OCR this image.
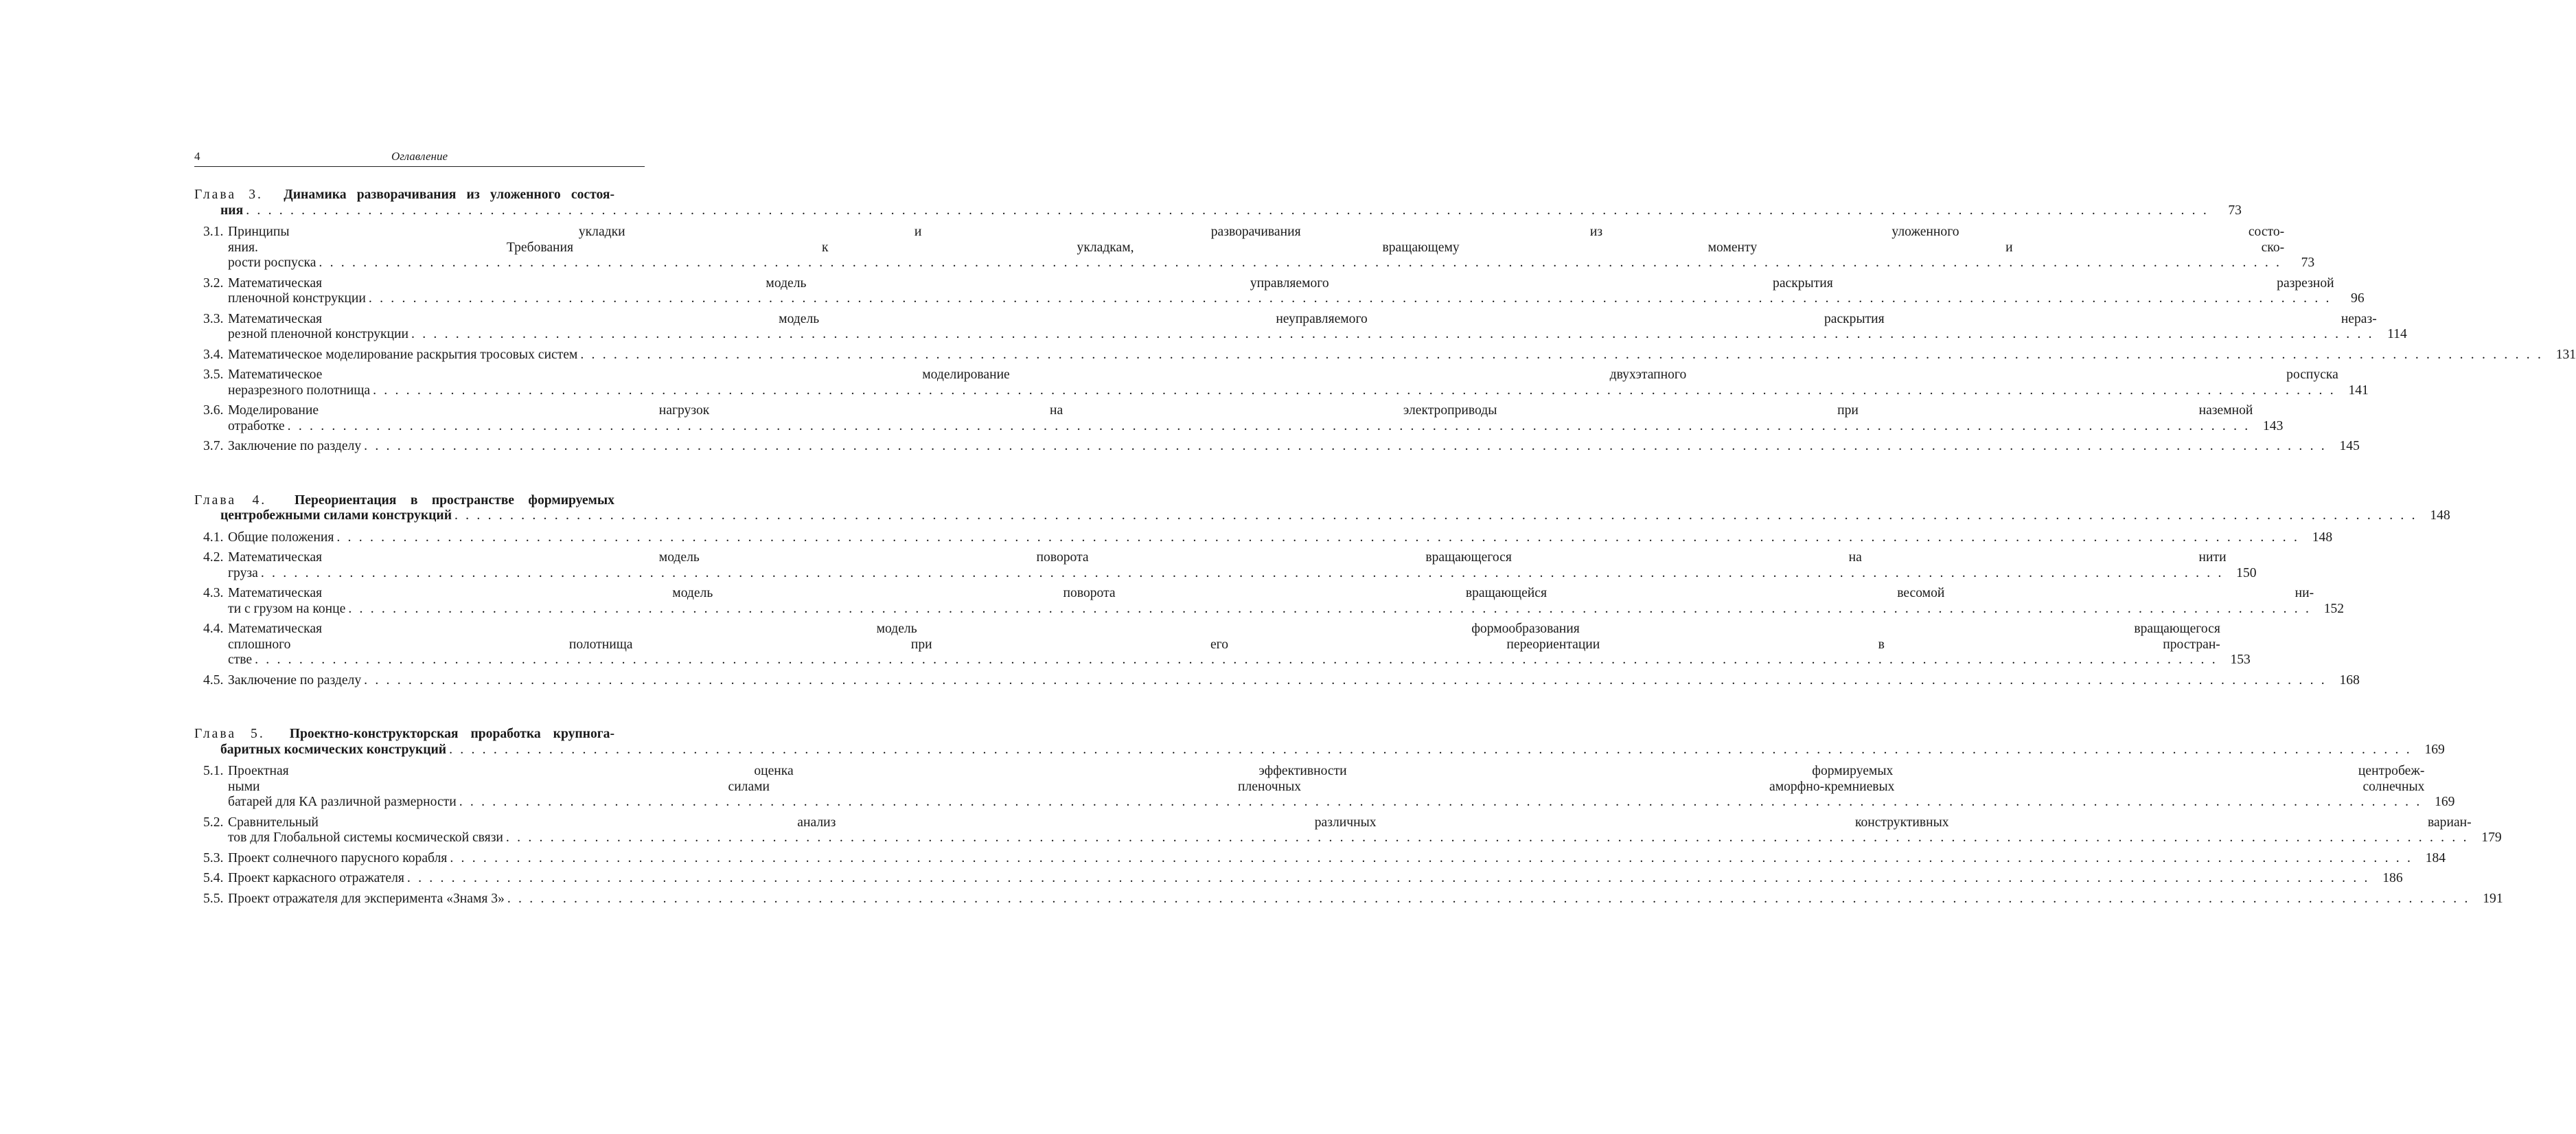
4	Оглавление
Глава 3. Динамика разворачивания из уложенного состоя-
ния . . .	73
3.1. Принципы укладки и разворачивания из уложенного состо-
яния. Требования к укладкам, вращающему моменту и ско-
рости роспуска . . .	73
3.2. Математическая модель управляемого раскрытия разрезной
пленочной конструкции . . .	96
3.3. Математическая модель неуправляемого раскрытия нераз-
резной пленочной конструкции . . .	114
3.4. Математическое моделирование раскрытия тросовых систем . . .	131
3.5. Математическое моделирование двухэтапного роспуска
неразрезного полотнища . . .	141
3.6. Моделирование нагрузок на электроприводы при наземной
отработке . . .	143
3.7. Заключение по разделу . . .	145
Глава 4. Переориентация в пространстве формируемых
центробежными силами конструкций . . .	148
4.1. Общие положения . . .	148
4.2. Математическая модель поворота вращающегося на нити
груза . . .	150
4.3. Математическая модель поворота вращающейся весомой ни-
ти с грузом на конце . . .	152
4.4. Математическая модель формообразования вращающегося
сплошного полотнища при его переориентации в простран-
стве . . .	153
4.5. Заключение по разделу . . .	168
Глава 5. Проектно-конструкторская проработка крупнога-
баритных космических конструкций . . .	169
5.1. Проектная оценка эффективности формируемых центробеж-
ными силами пленочных аморфно-кремниевых солнечных
батарей для КА различной размерности . . .	169
5.2. Сравнительный анализ различных конструктивных вариан-
тов для Глобальной системы космической связи . . .	179
5.3. Проект солнечного парусного корабля . . .	184
5.4. Проект каркасного отражателя . . .	186
5.5. Проект отражателя для эксперимента «Знамя 3» . . .	191
